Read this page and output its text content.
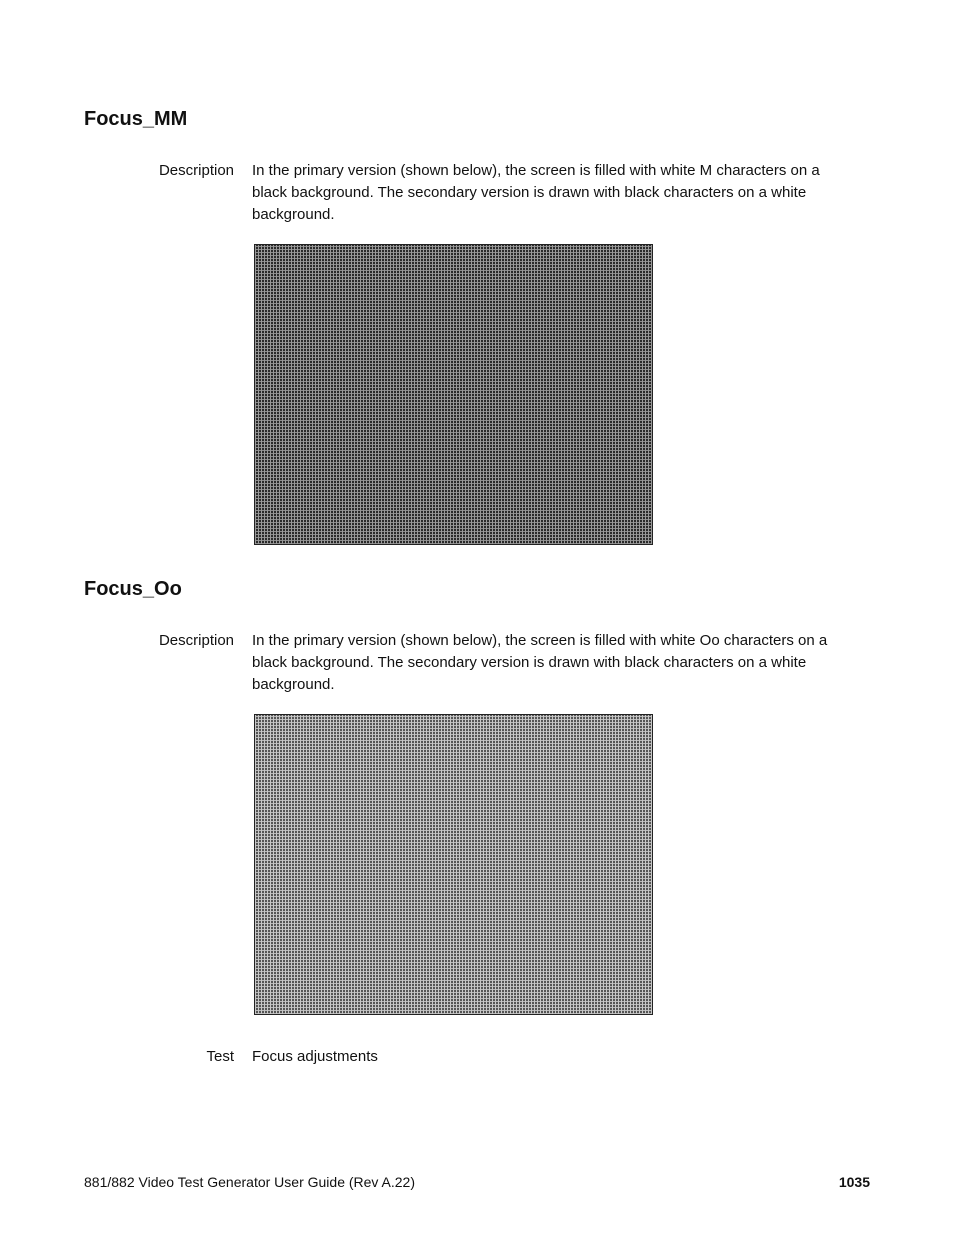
Focus_MM
Description In the primary version (shown below), the screen is filled with white M characters on a black background. The secondary version is drawn with black characters on a white background.

Focus_Oo
Description In the primary version (shown below), the screen is filled with white Oo characters on a black background. The secondary version is drawn with black characters on a white background.

Test Focus adjustments

881/882 Video Test Generator User Guide (Rev A.22)	1035
